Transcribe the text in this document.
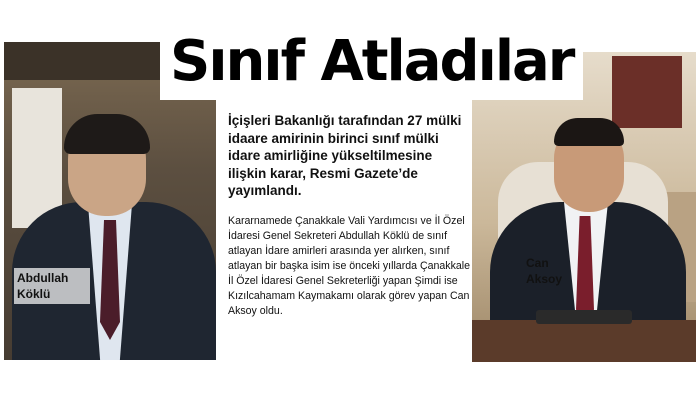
Abdullah Köklü
Can Aksoy
Sınıf Atladılar
İçişleri Bakanlığı tarafından 27 mülki idaare amirinin birinci sınıf mülki idare amirliğine yükseltilmesine ilişkin karar, Resmi Gazete’de yayımlandı.
Kararnamede Çanakkale Vali Yardımcısı ve İl Özel İdaresi Genel Sekreteri Abdullah Köklü de sınıf atlayan İdare amirleri arasında yer alırken, sınıf atlayan bir başka isim ise önceki yıllarda Çanakkale İl Özel İdaresi Genel Sekreterliği yapan Şimdi ise Kızılcahamam Kaymakamı olarak görev yapan Can Aksoy oldu.
